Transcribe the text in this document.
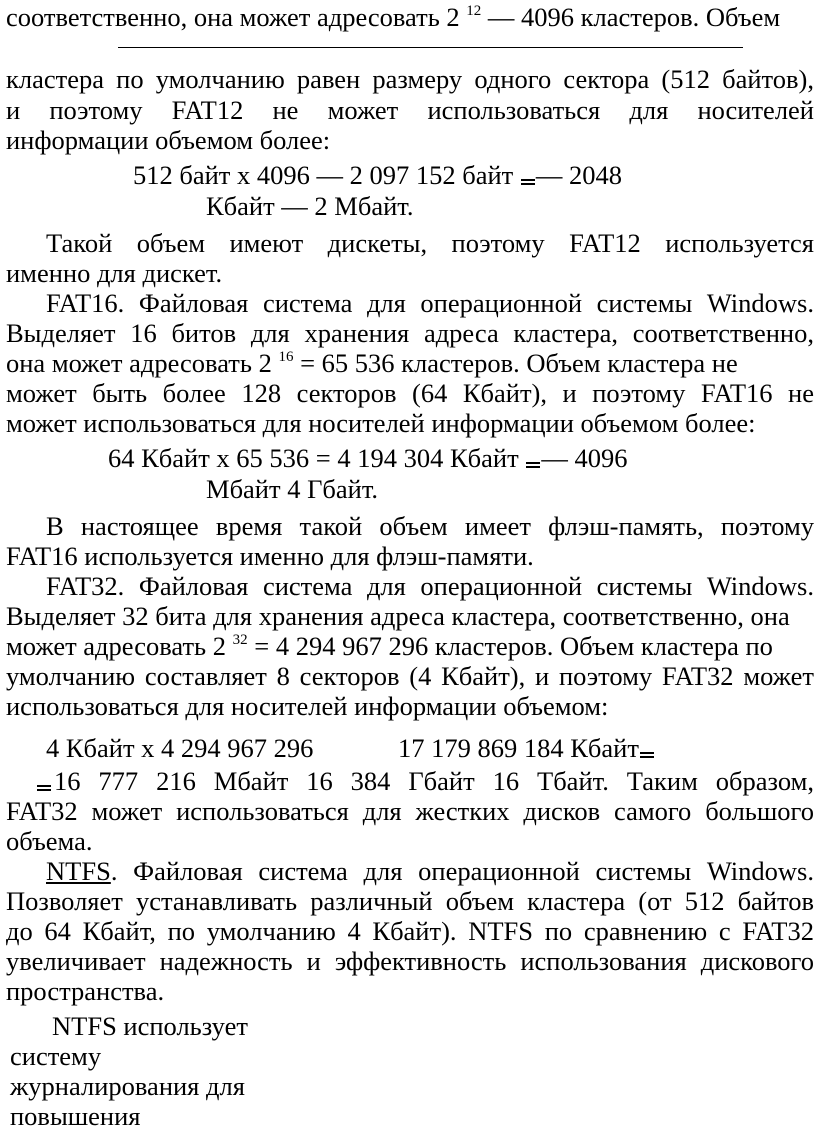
соответственно, она может адресовать 2 $^{12}$ — 4096 кластеров. Объем
кластера по умолчанию равен размеру одного сектора (512 байтов),
и поэтому FAT12 не может использоваться для носителей
информации объемом более:
512 байт х 4096 — 2 097 152 байт — 2048
Кбайт — 2 Мбайт.
Такой объем имеют дискеты, поэтому FAT12 используется
именно для дискет.
FAT16. Файловая система для операционной системы Windows.
Выделяет 16 битов для хранения адреса кластера, соответственно,
она может адресовать 2 $^{16}$ = 65 536 кластеров. Объем кластера не
может быть более 128 секторов (64 Кбайт), и поэтому FAT16 не
может использоваться для носителей информации объемом более:
64 Кбайт х 65 536 = 4 194 304 Кбайт — 4096
Мбайт 4 Гбайт.
В настоящее время такой объем имеет флэш-память, поэтому
FAT16 используется именно для флэш-памяти.
FAT32. Файловая система для операционной системы Windows.
Выделяет 32 бита для хранения адреса кластера, соответственно, она
может адресовать 2 $^{32}$ = 4 294 967 296 кластеров. Объем кластера по
умолчанию составляет 8 секторов (4 Кбайт), и поэтому FAT32 может
использоваться для носителей информации объемом:
4 Кбайт х 4 294 967 296	17 179 869 184 Кбайт
16 777 216 Мбайт 16 384 Гбайт 16 Тбайт. Таким образом,
FAT32 может использоваться для жестких дисков самого большого
объема.
NTFS. Файловая система для операционной системы Windows.
Позволяет устанавливать различный объем кластера (от 512 байтов
до 64 Кбайт, по умолчанию 4 Кбайт). NTFS по сравнению с FAT32
увеличивает надежность и эффективность использования дискового
пространства.
NTFS использует
систему
журналирования для
повышения
